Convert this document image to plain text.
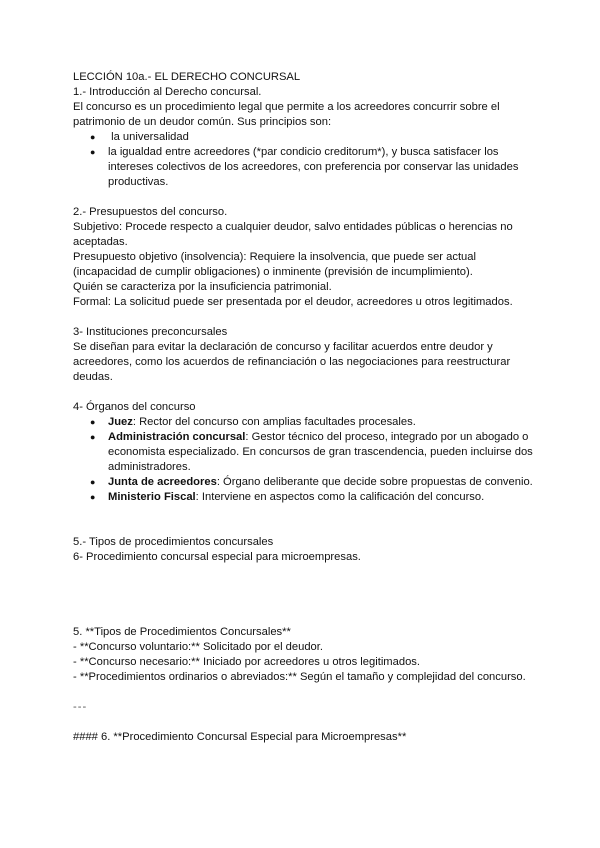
LECCIÓN 10a.- EL DERECHO CONCURSAL

1.- Introducción al Derecho concursal.

El concurso es un procedimiento legal que permite a los acreedores concurrir sobre el patrimonio de un deudor común. Sus principios son:

● la universalidad
● la igualdad entre acreedores (*par condicio creditorum*), y busca satisfacer los intereses colectivos de los acreedores, con preferencia por conservar las unidades productivas.

2.- Presupuestos del concurso.

Subjetivo: Procede respecto a cualquier deudor, salvo entidades públicas o herencias no aceptadas.

Presupuesto objetivo (insolvencia): Requiere la insolvencia, que puede ser actual (incapacidad de cumplir obligaciones) o inminente (previsión de incumplimiento).

Quién se caracteriza por la insuficiencia patrimonial.

Formal: La solicitud puede ser presentada por el deudor, acreedores u otros legitimados.

3- Instituciones preconcursales

Se diseñan para evitar la declaración de concurso y facilitar acuerdos entre deudor y acreedores, como los acuerdos de refinanciación o las negociaciones para reestructurar deudas.

4- Órganos del concurso

● Juez: Rector del concurso con amplias facultades procesales.
● Administración concursal: Gestor técnico del proceso, integrado por un abogado o economista especializado. En concursos de gran trascendencia, pueden incluirse dos administradores.
● Junta de acreedores: Órgano deliberante que decide sobre propuestas de convenio.
● Ministerio Fiscal: Interviene en aspectos como la calificación del concurso.

5.- Tipos de procedimientos concursales

6- Procedimiento concursal especial para microempresas.

5. **Tipos de Procedimientos Concursales**

- **Concurso voluntario:** Solicitado por el deudor.

- **Concurso necesario:** Iniciado por acreedores u otros legitimados.

- **Procedimientos ordinarios o abreviados:** Según el tamaño y complejidad del concurso.

---

#### 6. **Procedimiento Concursal Especial para Microempresas**
